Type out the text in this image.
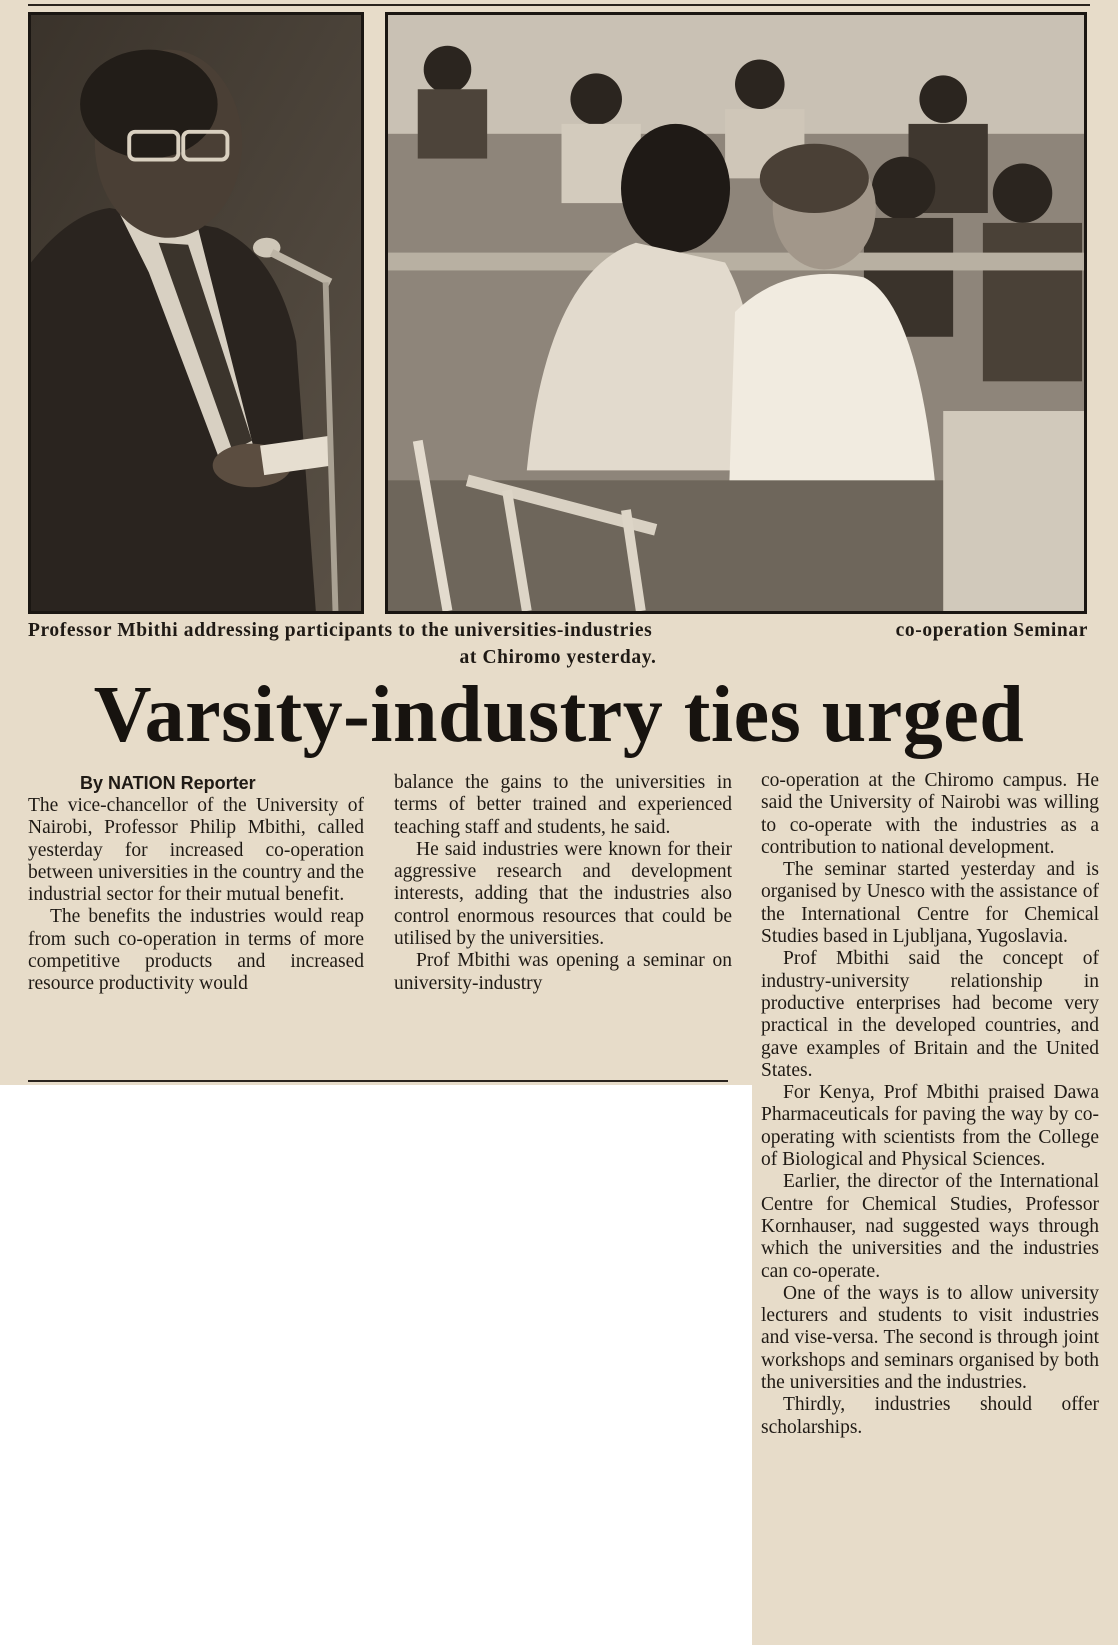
Professor Mbithi addressing participants to the universities-industries	co-operation Seminar
at Chiromo yesterday.
Varsity-industry ties urged
By NATION Reporter

The vice-chancellor of the University of Nairobi, Professor Philip Mbithi, called yesterday for increased co-operation between universities in the country and the industrial sector for their mutual benefit.

The benefits the industries would reap from such co-operation in terms of more competitive products and increased resource productivity would

balance the gains to the universities in terms of better trained and experienced teaching staff and students, he said.

He said industries were known for their aggressive research and development interests, adding that the industries also control enormous resources that could be utilised by the universities.

Prof Mbithi was opening a seminar on university-industry

co-operation at the Chiromo campus. He said the University of Nairobi was willing to co-operate with the industries as a contribution to national development.

The seminar started yesterday and is organised by Unesco with the assistance of the International Centre for Chemical Studies based in Ljubljana, Yugoslavia.

Prof Mbithi said the concept of industry-university relationship in productive enterprises had become very practical in the developed countries, and gave examples of Britain and the United States.

For Kenya, Prof Mbithi praised Dawa Pharmaceuticals for paving the way by co-operating with scientists from the College of Biological and Physical Sciences.

Earlier, the director of the International Centre for Chemical Studies, Professor Kornhauser, nad suggested ways through which the universities and the industries can co-operate.

One of the ways is to allow university lecturers and students to visit industries and vise-versa. The second is through joint workshops and seminars organised by both the universities and the industries.

Thirdly, industries should offer scholarships.
